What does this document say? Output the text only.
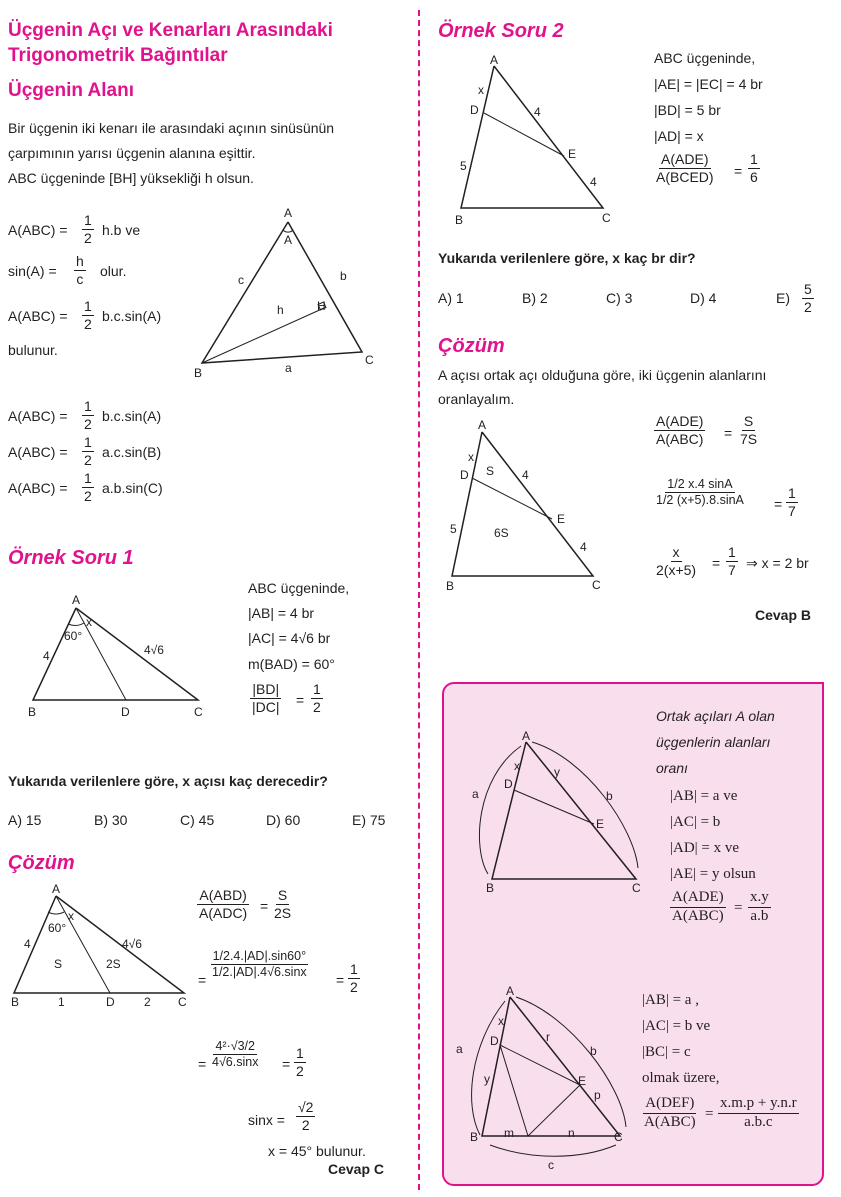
Üçgenin Açı ve Kenarları Arasındaki
Trigonometrik Bağıntılar
Üçgenin Alanı
Bir üçgenin iki kenarı ile arasındaki açının sinüsünün
çarpımının yarısı üçgenin alanına eşittir.
ABC üçgeninde [BH] yüksekliği h olsun.
$A(ABC) = \frac{1}{2} h.b$ ve
$\sin(A) = \frac{h}{c}$ olur.
$A(ABC) = \frac{1}{2} b.c.\sin(A)$
bulunur.
A
A
B
C
a
b
c
h	H
$A(ABC) = \frac{1}{2} b.c.\sin(A)$
$A(ABC) = \frac{1}{2} a.c.\sin(B)$
$A(ABC) = \frac{1}{2} a.b.\sin(C)$
Örnek Soru 1
A
B	C
D
x
60°
4	4√6
ABC üçgeninde,
|AB| = 4 br
|AC| = 4√6 br
m(BAD) = 60°
$\frac{|BD|}{|DC|} = \frac{1}{2}$
Yukarıda verilenlere göre, x açısı kaç derecedir?
A) 15	B) 30	C) 45	D) 60	E) 75
Çözüm
A
B	C
D
x
60°
4	4√6
S	2S
1	2
A(ABD)
$A(ADC) = \frac{S}{2S}$
=
$\frac{1/2.4.|AD|.\sin 60^\circ}{1/2.|AD|.4√6.\sin x}$
= $\frac{1}{2}$
= $\frac{\text{4²·√3/2}}{4√6.\sin x} = \frac{1}{2}$
$\sin x = \frac{√2}{2}$
x = 45° bulunur.
Cevap C
Örnek Soru 2
A
B	C
D
E
x
4
4
5
ABC üçgeninde,
|AE| = |EC| = 4 br
|BD| = 5 br
|AD| = x
A(ADE)
A(BCED) = $\frac{1}{6}$
Yukarıda verilenlere göre, x kaç br dir?
A) 1	B) 2	C) 3	D) 4	$E) \frac{5}{2}$
Çözüm
A açısı ortak açı olduğuna göre, iki üçgenin alanlarını
oranlayalım.
A
B	C
D
E
x
4
4
5
S
6S
A(ADE)
$A(ABC) = \frac{S}{7S}$
$\frac{1/2 x.4 \sin A}{1/2 (x+5).8.\sin A} = \frac{1}{7}$
$\frac{x}{2(x+5)} = \frac{1}{7}$ ⇒ x = 2 br
Cevap B
A
B	C
D
E
x	y
a	b
Ortak açıları A olan
üçgenlerin alanları
oranı
|AB| = a ve
|AC| = b
|AD| = x ve
|AE| = y olsun
A(ADE)
$A(ABC) = \frac{x.y}{a.b}$
A
B	C
D
E
x
y
r
p
m	n
a	b
c
|AB| = a ,
|AC| = b ve
|BC| = c
olmak üzere,
A(DEF)
$A(ABC) = \frac{x.m.p + y.n.r}{a.b.c}$
